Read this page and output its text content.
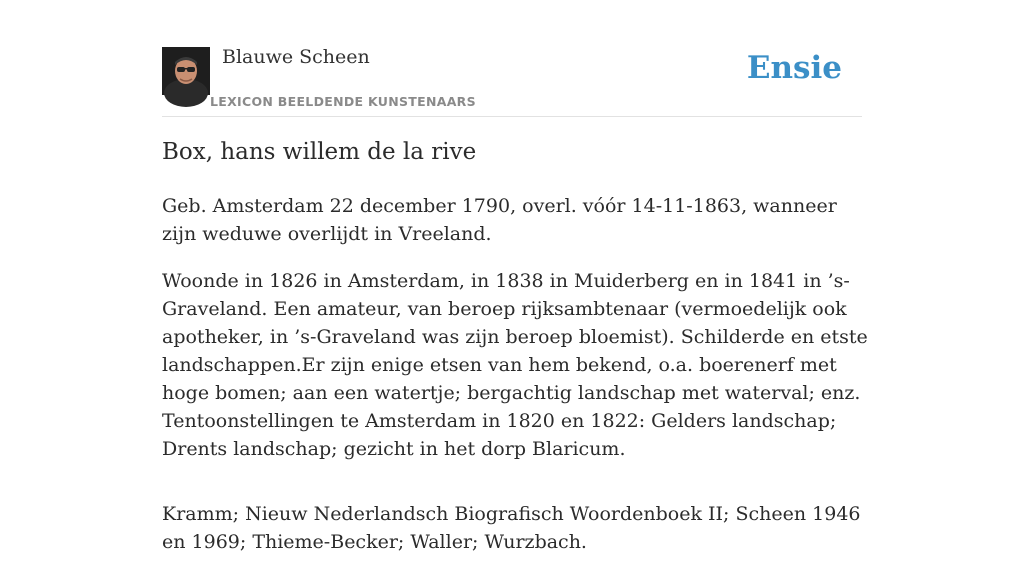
Blauwe Scheen
LEXICON BEELDENDE KUNSTENAARS
Ensie
Box, hans willem de la rive

Geb. Amsterdam 22 december 1790, overl. vóór 14-11-1863, wanneer zijn weduwe overlijdt in Vreeland.

Woonde in 1826 in Amsterdam, in 1838 in Muiderberg en in 1841 in ’s-Graveland. Een amateur, van beroep rijksambtenaar (vermoedelijk ook apotheker, in ’s-Graveland was zijn beroep bloemist). Schilderde en etste landschappen.Er zijn enige etsen van hem bekend, o.a. boerenerf met hoge bomen; aan een watertje; bergachtig landschap met waterval; enz. Tentoonstellingen te Amsterdam in 1820 en 1822: Gelders landschap; Drents landschap; gezicht in het dorp Blaricum.

Kramm; Nieuw Nederlandsch Biografisch Woordenboek II; Scheen 1946 en 1969; Thieme-Becker; Waller; Wurzbach.
